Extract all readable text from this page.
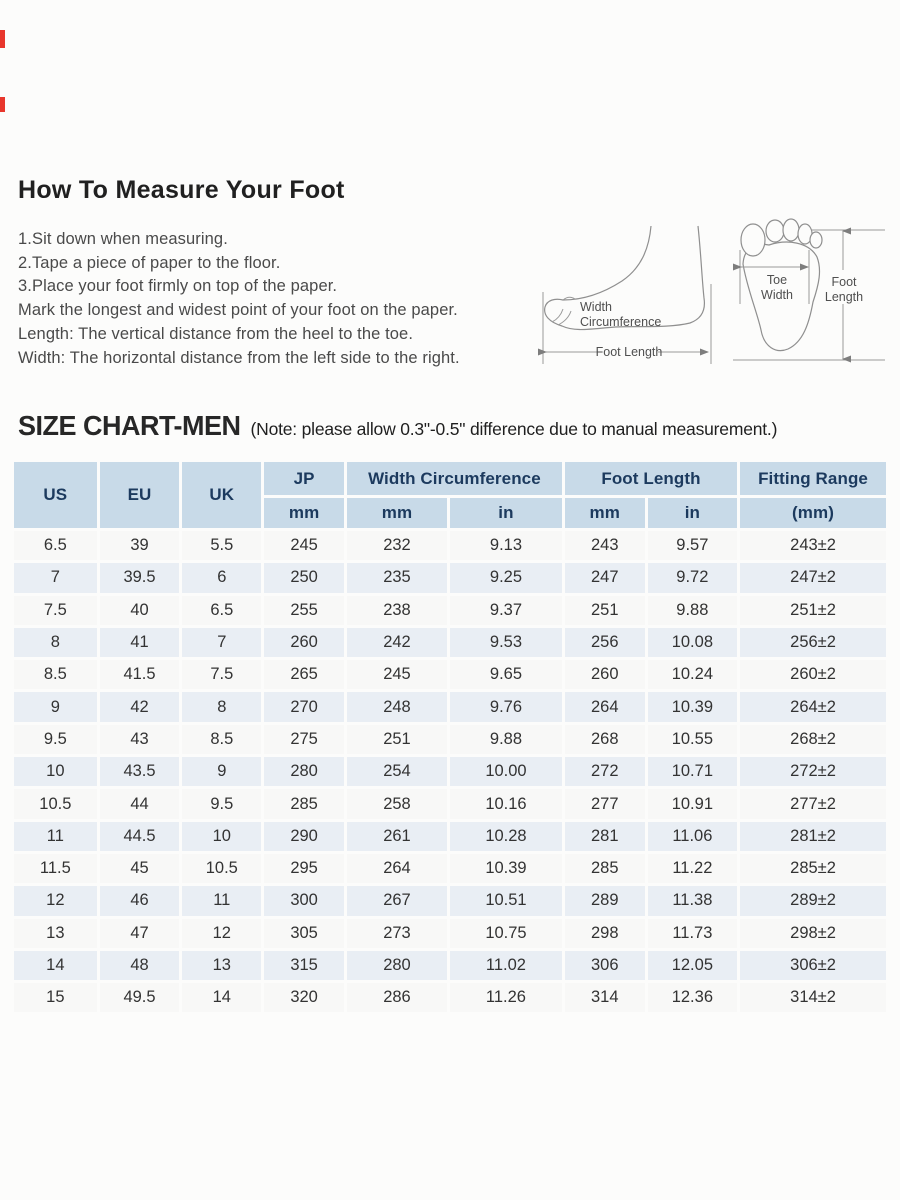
How To Measure Your Foot

1.Sit down when measuring.

2.Tape a piece of paper to the floor.

3.Place your foot firmly on top of the paper.

Mark the longest and widest point of your foot on the paper.

Length: The vertical distance from the heel to the toe.

Width: The horizontal distance from the left side to the right.

Width
Circumference
Foot Length
Toe
Width
Foot
Length
SIZE CHART-MEN (Note: please allow 0.3"-0.5" difference due to manual measurement.)
US	EU	UK	JP	Width Circumference		Foot Length		Fitting Range
			mm	mm	in	mm	in	(mm)
6.5	39	5.5	245	232	9.13	243	9.57	243±2
7	39.5	6	250	235	9.25	247	9.72	247±2
7.5	40	6.5	255	238	9.37	251	9.88	251±2
8	41	7	260	242	9.53	256	10.08	256±2
8.5	41.5	7.5	265	245	9.65	260	10.24	260±2
9	42	8	270	248	9.76	264	10.39	264±2
9.5	43	8.5	275	251	9.88	268	10.55	268±2
10	43.5	9	280	254	10.00	272	10.71	272±2
10.5	44	9.5	285	258	10.16	277	10.91	277±2
11	44.5	10	290	261	10.28	281	11.06	281±2
11.5	45	10.5	295	264	10.39	285	11.22	285±2
12	46	11	300	267	10.51	289	11.38	289±2
13	47	12	305	273	10.75	298	11.73	298±2
14	48	13	315	280	11.02	306	12.05	306±2
15	49.5	14	320	286	11.26	314	12.36	314±2
